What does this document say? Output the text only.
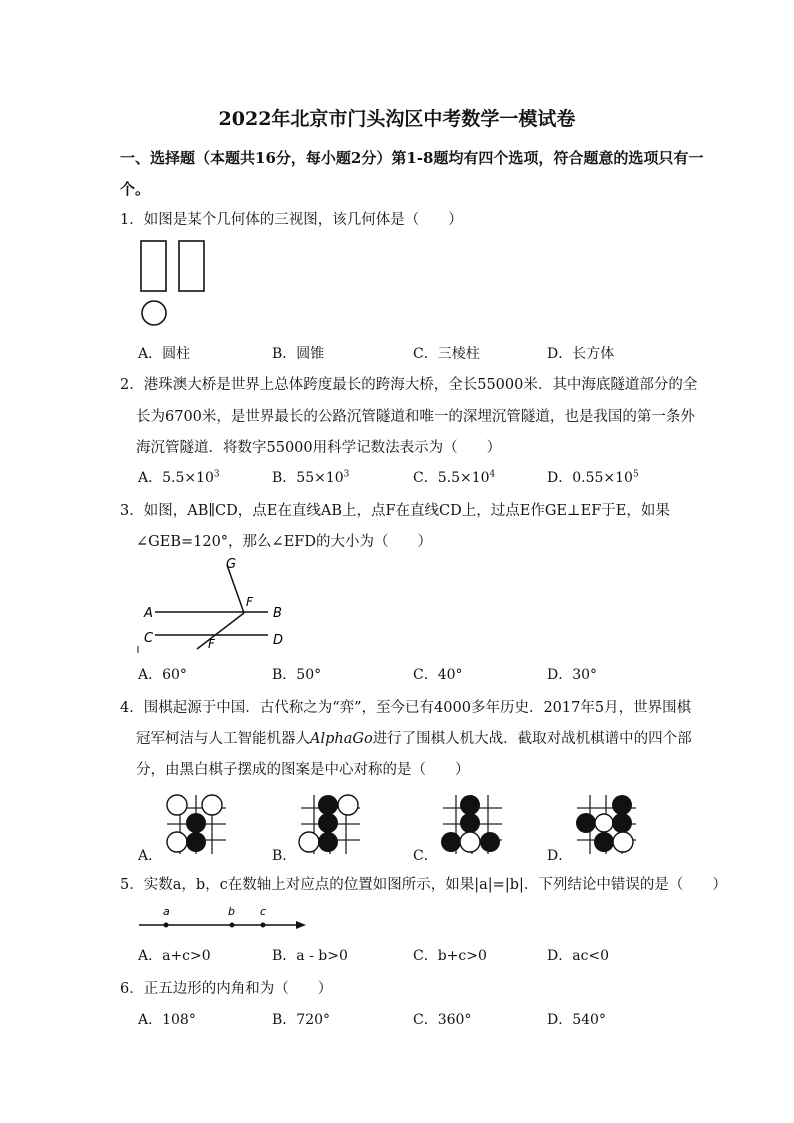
2022年北京市门头沟区中考数学一模试卷
一、选择题（本题共16分，每小题2分）第1-8题均有四个选项，符合题意的选项只有一
个。
1．如图是某个几何体的三视图，该几何体是（　　）
A．圆柱	B．圆锥	C．三棱柱	D．长方体
2．港珠澳大桥是世界上总体跨度最长的跨海大桥，全长55000米．其中海底隧道部分的全
长为6700米，是世界最长的公路沉管隧道和唯一的深埋沉管隧道，也是我国的第一条外
海沉管隧道．将数字55000用科学记数法表示为（　　）
A．$5.5\times 10^3$	B．$55\times 10^3$	C．$5.5\times 10^4$	D．$0.55\times 10^5$
3．如图，AB∥CD，点E在直线AB上，点F在直线CD上，过点E作GE⊥EF于E，如果
∠GEB=120°，那么∠EFD的大小为（　　）
G
A	B
C	D
F
F
A．60°	B．50°	C．40°	D．30°
4．围棋起源于中国．古代称之为“弈”，至今已有4000多年历史．2017年5月，世界围棋
冠军柯洁与人工智能机器人AlphaGo进行了围棋人机大战．截取对战机棋谱中的四个部
分，由黑白棋子摆成的图案是中心对称的是（　　）
A．	B．	C．	D．
5．实数a，b，c在数轴上对应点的位置如图所示，如果|a|=|b|．下列结论中错误的是（　　）
a	b c
A．a+c>0	B．a - b>0	C．b+c>0	D．ac<0
6．正五边形的内角和为（　　）
A．108°	B．720°	C．360°	D．540°
